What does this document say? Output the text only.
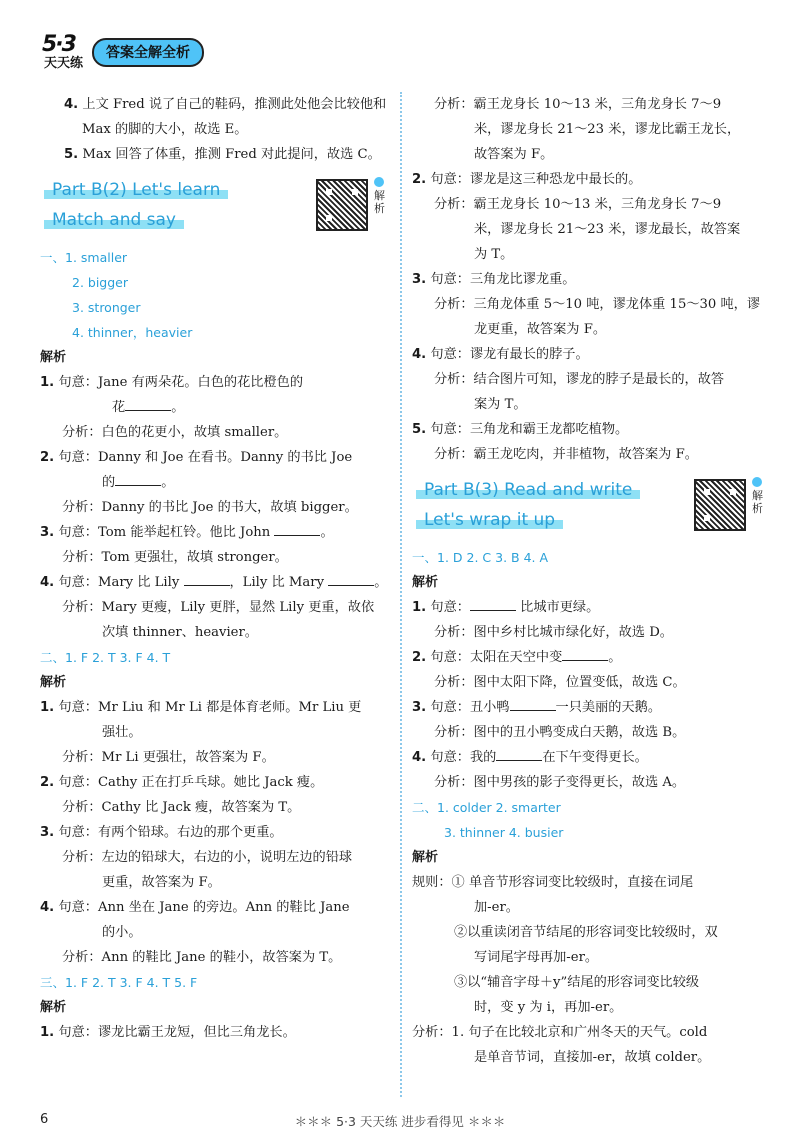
5·3
天天练
答案全解全析
4. 上文 Fred 说了自己的鞋码，推测此处他会比较他和 Max 的脚的大小，故选 E。
5. Max 回答了体重，推测 Fred 对此提问，故选 C。
Part B(2) Let's learn
Match and say
解析
一、1. smaller
2. bigger
3. stronger
4. thinner，heavier
解析
1. 句意：Jane 有两朵花。白色的花比橙色的
花	。
分析：白色的花更小，故填 smaller。
2. 句意：Danny 和 Joe 在看书。Danny 的书比 Joe
的	。
分析：Danny 的书比 Joe 的书大，故填 bigger。
3. 句意：Tom 能举起杠铃。他比 John	。
分析：Tom 更强壮，故填 stronger。
4. 句意：Mary 比 Lily	，Lily 比 Mary	。
分析：Mary 更瘦，Lily 更胖，显然 Lily 更重，故依
次填 thinner、heavier。
二、1. F 2. T 3. F 4. T
解析
1. 句意：Mr Liu 和 Mr Li 都是体育老师。Mr Liu 更
强壮。
分析：Mr Li 更强壮，故答案为 F。
2. 句意：Cathy 正在打乒乓球。她比 Jack 瘦。
分析：Cathy 比 Jack 瘦，故答案为 T。
3. 句意：有两个铅球。右边的那个更重。
分析：左边的铅球大，右边的小，说明左边的铅球
更重，故答案为 F。
4. 句意：Ann 坐在 Jane 的旁边。Ann 的鞋比 Jane
的小。
分析：Ann 的鞋比 Jane 的鞋小，故答案为 T。
三、1. F 2. T 3. F 4. T 5. F
解析
1. 句意：谬龙比霸王龙短，但比三角龙长。
分析：霸王龙身长 10～13 米，三角龙身长 7～9
米，谬龙身长 21～23 米，谬龙比霸王龙长，
故答案为 F。
2. 句意：谬龙是这三种恐龙中最长的。
分析：霸王龙身长 10～13 米，三角龙身长 7～9
米，谬龙身长 21～23 米，谬龙最长，故答案
为 T。
3. 句意：三角龙比谬龙重。
分析：三角龙体重 5～10 吨，谬龙体重 15～30 吨，谬
龙更重，故答案为 F。
4. 句意：谬龙有最长的脖子。
分析：结合图片可知，谬龙的脖子是最长的，故答
案为 T。
5. 句意：三角龙和霸王龙都吃植物。
分析：霸王龙吃肉，并非植物，故答案为 F。
Part B(3) Read and write
Let's wrap it up
解析
一、1. D 2. C 3. B 4. A
解析
1. 句意：	比城市更绿。
分析：图中乡村比城市绿化好，故选 D。
2. 句意：太阳在天空中变	。
分析：图中太阳下降，位置变低，故选 C。
3. 句意：丑小鸭	一只美丽的天鹅。
分析：图中的丑小鸭变成白天鹅，故选 B。
4. 句意：我的	在下午变得更长。
分析：图中男孩的影子变得更长，故选 A。
二、1. colder 2. smarter
3. thinner 4. busier
解析
规则：① 单音节形容词变比较级时，直接在词尾
加-er。
②以重读闭音节结尾的形容词变比较级时，双
写词尾字母再加-er。
③以“辅音字母＋y”结尾的形容词变比较级
时，变 y 为 i，再加-er。
分析：1. 句子在比较北京和广州冬天的天气。cold
是单音节词，直接加-er，故填 colder。
6	＊＊＊ 5·3 天天练 进步看得见 ＊＊＊
